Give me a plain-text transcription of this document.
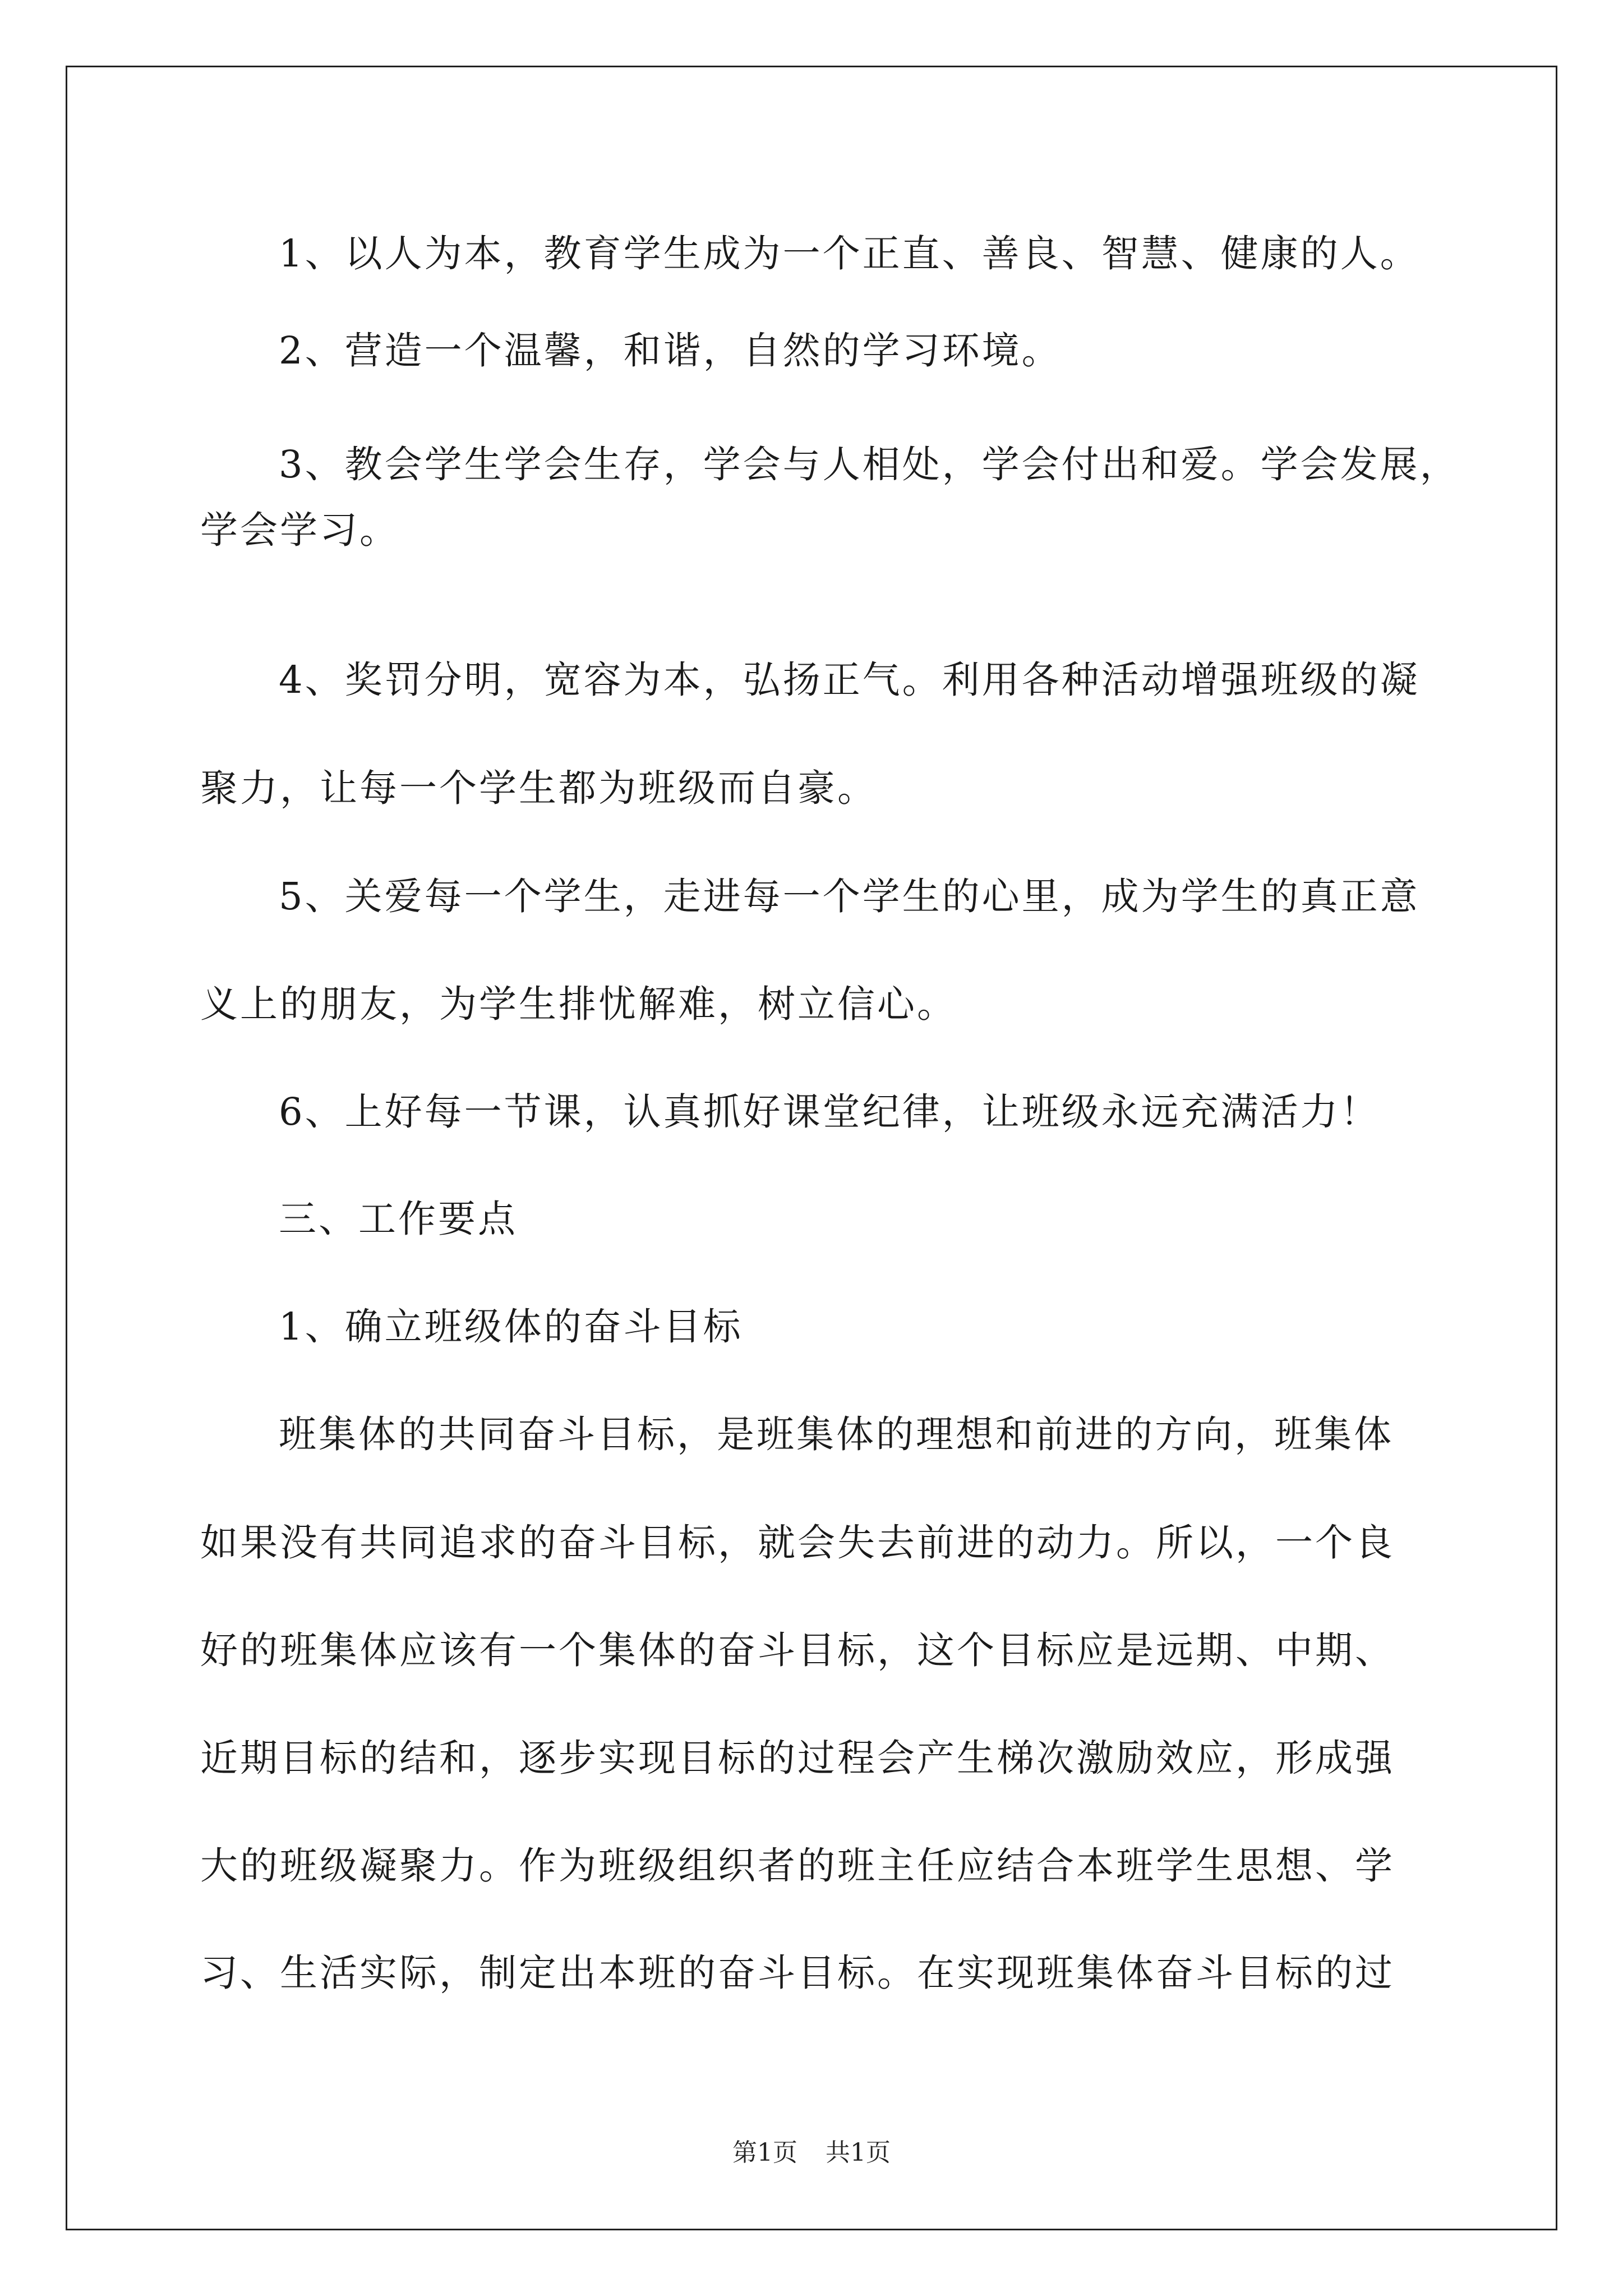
1、以人为本，教育学生成为一个正直、善良、智慧、健康的人。

2、营造一个温馨，和谐，自然的学习环境。

3、教会学生学会生存，学会与人相处，学会付出和爱。学会发展，

学会学习。

4、奖罚分明，宽容为本，弘扬正气。利用各种活动增强班级的凝

聚力，让每一个学生都为班级而自豪。

5、关爱每一个学生，走进每一个学生的心里，成为学生的真正意

义上的朋友，为学生排忧解难，树立信心。

6、上好每一节课，认真抓好课堂纪律，让班级永远充满活力！

三、工作要点

1、确立班级体的奋斗目标

班集体的共同奋斗目标，是班集体的理想和前进的方向，班集体

如果没有共同追求的奋斗目标，就会失去前进的动力。所以，一个良

好的班集体应该有一个集体的奋斗目标，这个目标应是远期、中期、

近期目标的结和，逐步实现目标的过程会产生梯次激励效应，形成强

大的班级凝聚力。作为班级组织者的班主任应结合本班学生思想、学

习、生活实际，制定出本班的奋斗目标。在实现班集体奋斗目标的过

第1页 共1页
